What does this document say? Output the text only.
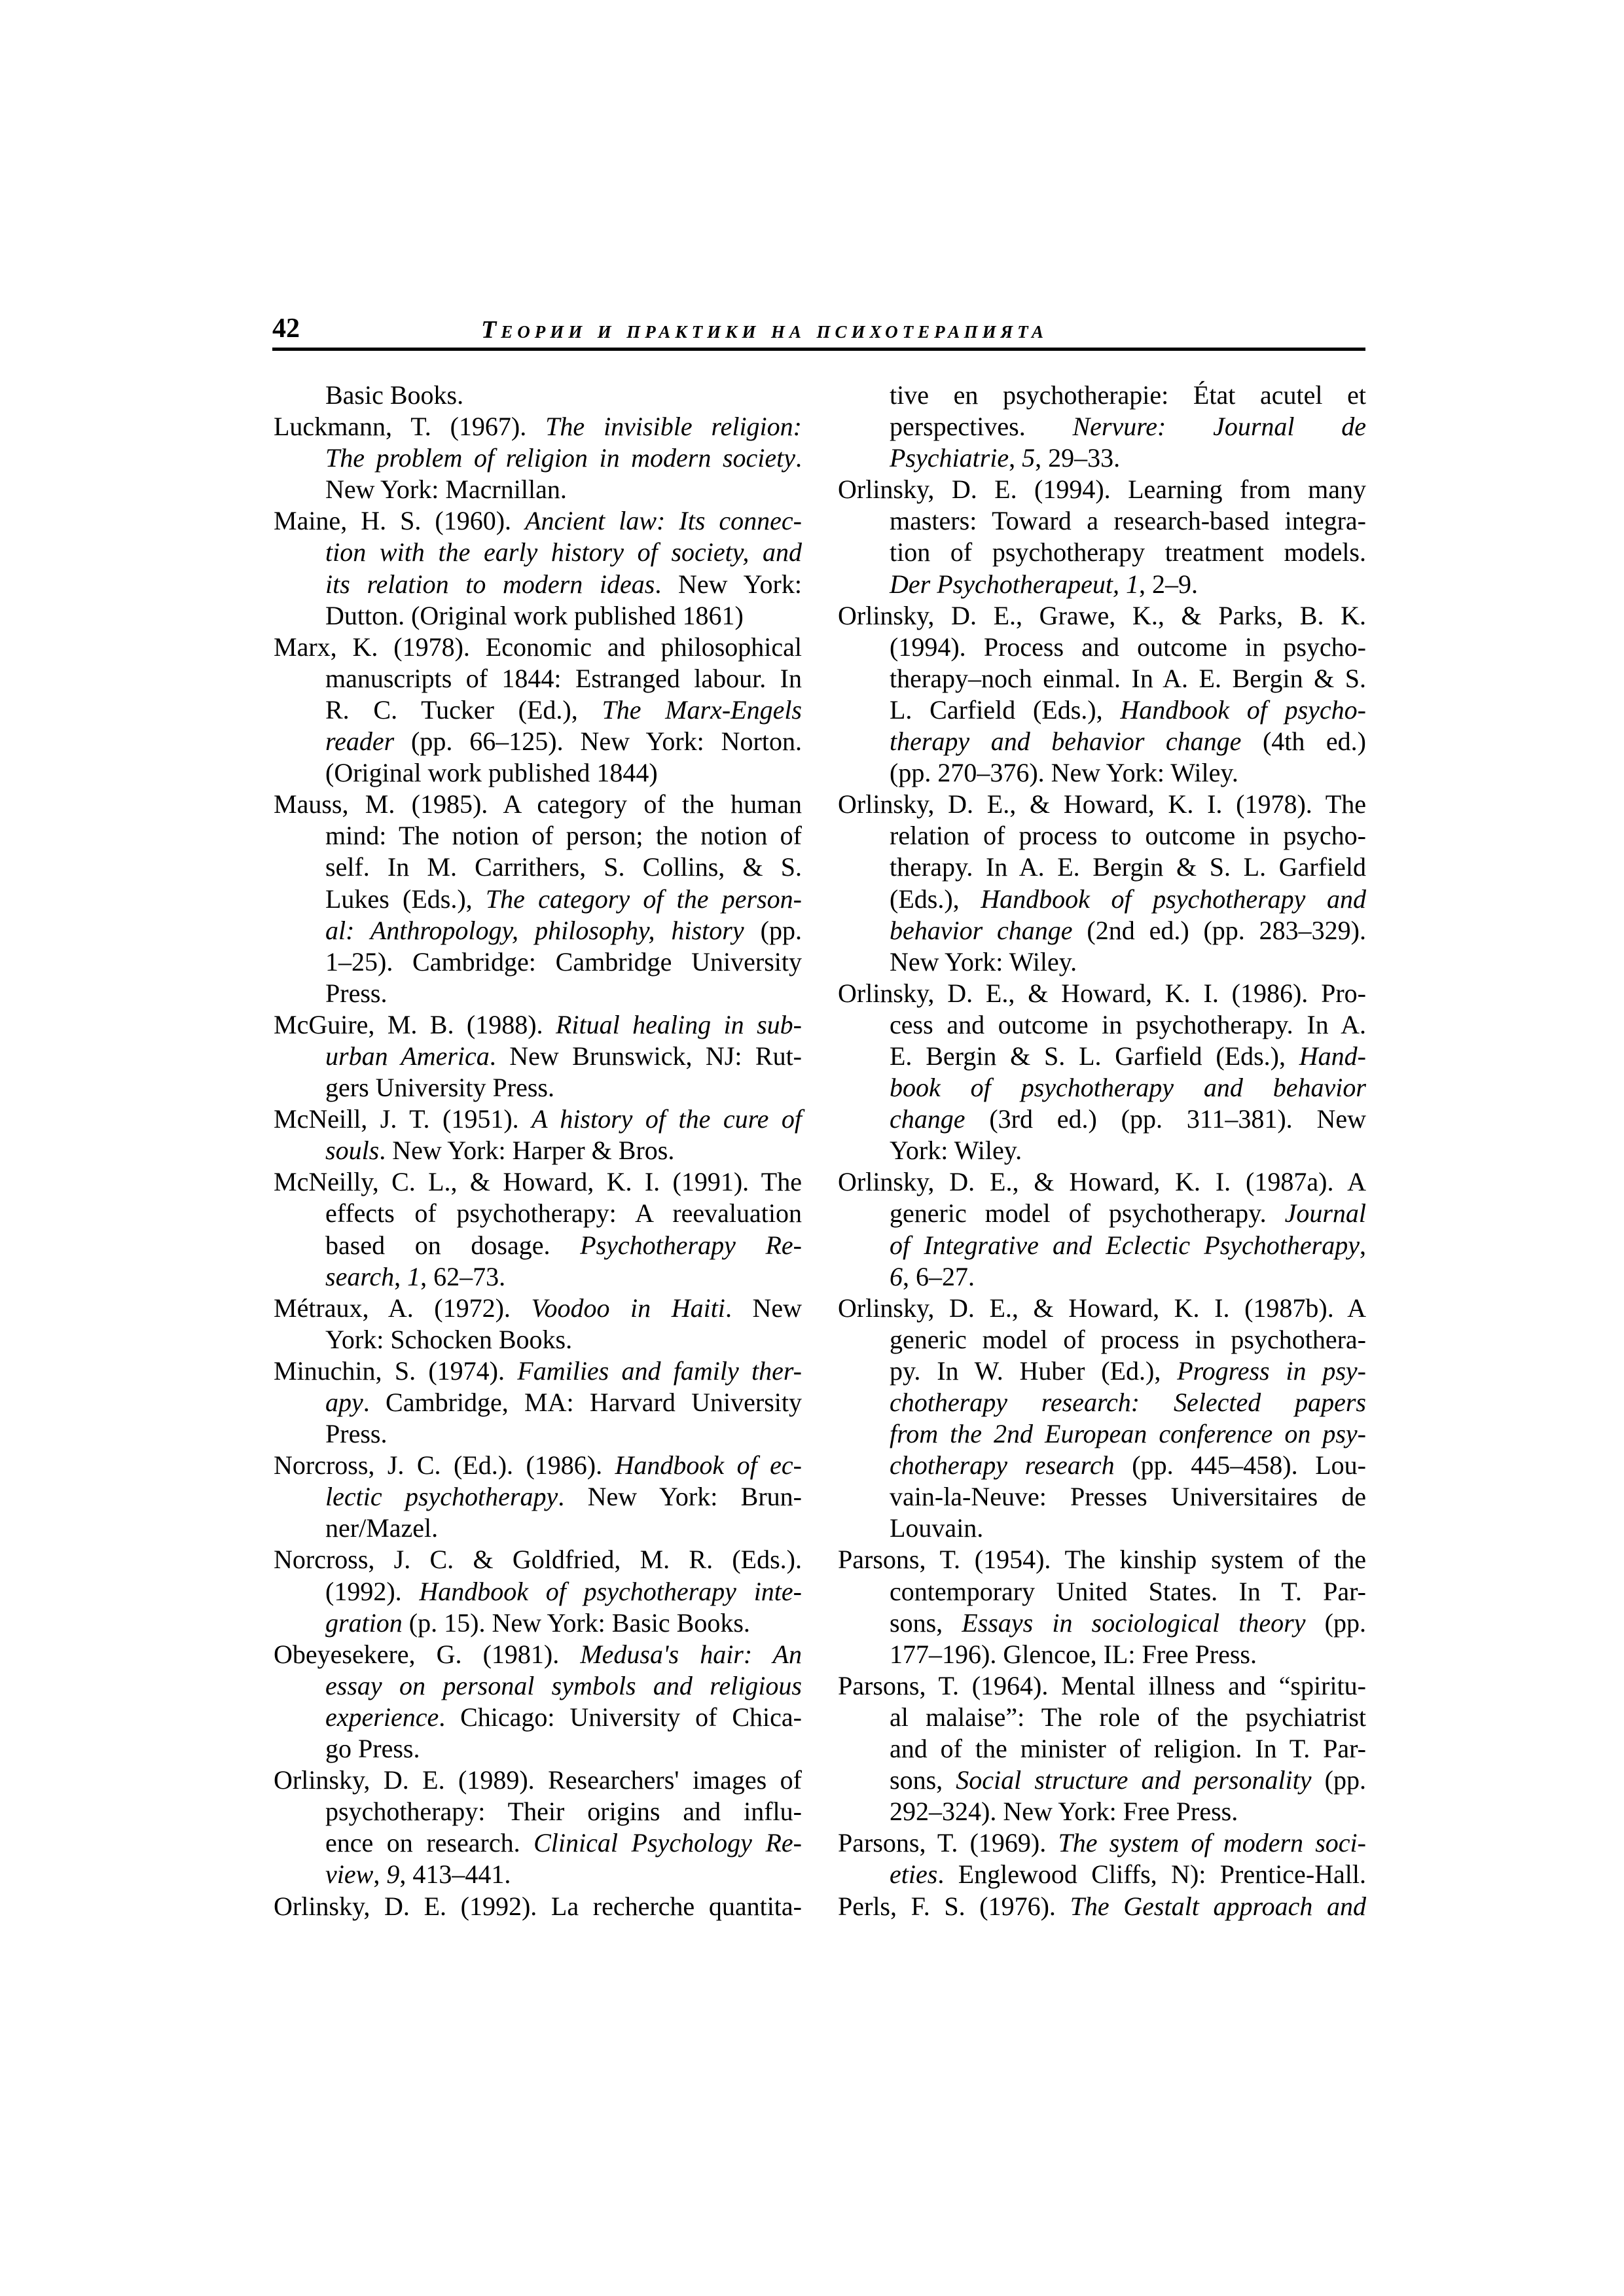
42	Теории и практики на психотерапията
Basic Books.
Luckmann, T. (1967). The invisible religion:
The problem of religion in modern society.
New York: Macrnillan.
Maine, H. S. (1960). Ancient law: Its connec-
tion with the early history of society, and
its relation to modern ideas. New York:
Dutton. (Original work published 1861)
Marx, K. (1978). Economic and philosophical
manuscripts of 1844: Estranged labour. In
R. C. Tucker (Ed.), The Marx-Engels
reader (pp. 66–125). New York: Norton.
(Original work published 1844)
Mauss, M. (1985). A category of the human
mind: The notion of person; the notion of
self. In M. Carrithers, S. Collins, & S.
Lukes (Eds.), The category of the person-
al: Anthropology, philosophy, history (pp.
1–25). Cambridge: Cambridge University
Press.
McGuire, M. B. (1988). Ritual healing in sub-
urban America. New Brunswick, NJ: Rut-
gers University Press.
McNeill, J. T. (1951). A history of the cure of
souls. New York: Harper & Bros.
McNeilly, C. L., & Howard, K. I. (1991). The
effects of psychotherapy: A reevaluation
based on dosage. Psychotherapy Re-
search, 1, 62–73.
Métraux, A. (1972). Voodoo in Haiti. New
York: Schocken Books.
Minuchin, S. (1974). Families and family ther-
apy. Cambridge, MA: Harvard University
Press.
Norcross, J. C. (Ed.). (1986). Handbook of ec-
lectic psychotherapy. New York: Brun-
ner/Mazel.
Norcross, J. C. & Goldfried, M. R. (Eds.).
(1992). Handbook of psychotherapy inte-
gration (p. 15). New York: Basic Books.
Obeyesekere, G. (1981). Medusa's hair: An
essay on personal symbols and religious
experience. Chicago: University of Chica-
go Press.
Orlinsky, D. E. (1989). Researchers' images of
psychotherapy: Their origins and influ-
ence on research. Clinical Psychology Re-
view, 9, 413–441.
Orlinsky, D. E. (1992). La recherche quantita-
tive en psychotherapie: État acutel et
perspectives. Nervure: Journal de
Psychiatrie, 5, 29–33.
Orlinsky, D. E. (1994). Learning from many
masters: Toward a research-based integra-
tion of psychotherapy treatment models.
Der Psychotherapeut, 1, 2–9.
Orlinsky, D. E., Grawe, K., & Parks, B. K.
(1994). Process and outcome in psycho-
therapy–noch einmal. In A. E. Bergin & S.
L. Carfield (Eds.), Handbook of psycho-
therapy and behavior change (4th ed.)
(pp. 270–376). New York: Wiley.
Orlinsky, D. E., & Howard, K. I. (1978). The
relation of process to outcome in psycho-
therapy. In A. E. Bergin & S. L. Garfield
(Eds.), Handbook of psychotherapy and
behavior change (2nd ed.) (pp. 283–329).
New York: Wiley.
Orlinsky, D. E., & Howard, K. I. (1986). Pro-
cess and outcome in psychotherapy. In A.
E. Bergin & S. L. Garfield (Eds.), Hand-
book of psychotherapy and behavior
change (3rd ed.) (pp. 311–381). New
York: Wiley.
Orlinsky, D. E., & Howard, K. I. (1987a). A
generic model of psychotherapy. Journal
of Integrative and Eclectic Psychotherapy,
6, 6–27.
Orlinsky, D. E., & Howard, K. I. (1987b). A
generic model of process in psychothera-
py. In W. Huber (Ed.), Progress in psy-
chotherapy research: Selected papers
from the 2nd European conference on psy-
chotherapy research (pp. 445–458). Lou-
vain-la-Neuve: Presses Universitaires de
Louvain.
Parsons, T. (1954). The kinship system of the
contemporary United States. In T. Par-
sons, Essays in sociological theory (pp.
177–196). Glencoe, IL: Free Press.
Parsons, T. (1964). Mental illness and “spiritu-
al malaise”: The role of the psychiatrist
and of the minister of religion. In T. Par-
sons, Social structure and personality (pp.
292–324). New York: Free Press.
Parsons, T. (1969). The system of modern soci-
eties. Englewood Cliffs, N): Prentice-Hall.
Perls, F. S. (1976). The Gestalt approach and
